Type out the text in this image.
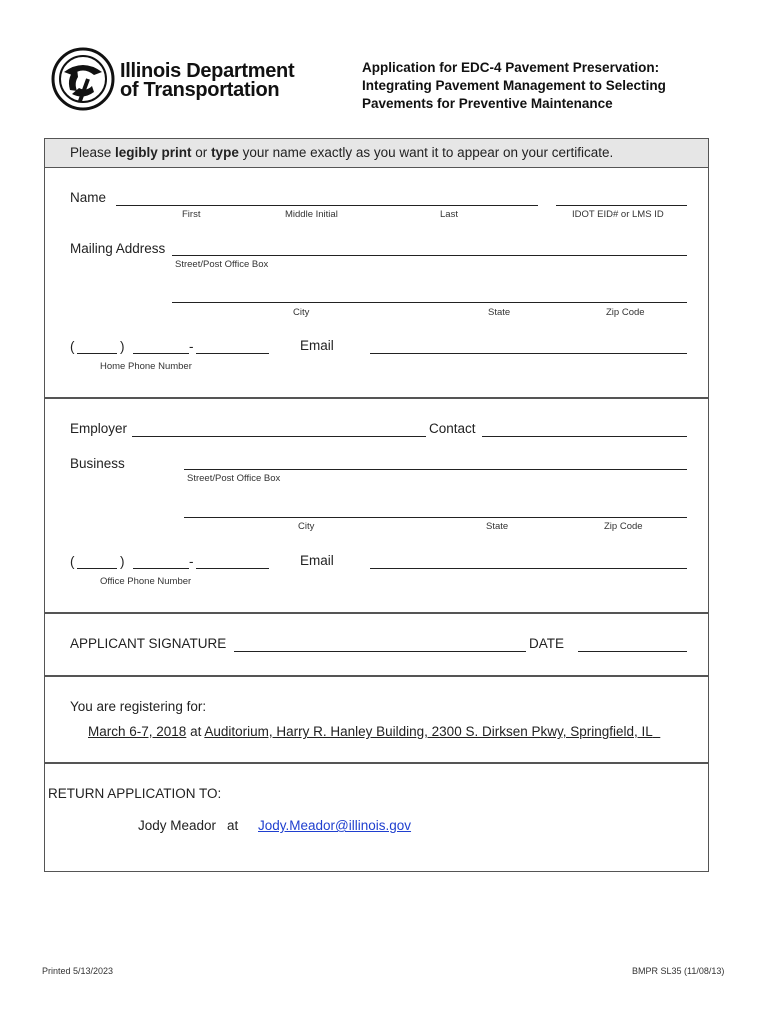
Illinois Department
of Transportation
Application for EDC-4 Pavement Preservation:
Integrating Pavement Management to Selecting
Pavements for Preventive Maintenance
Please legibly print or type your name exactly as you want it to appear on your certificate.
Name
First	Middle Initial	Last	IDOT EID# or LMS ID
Mailing Address
Street/Post Office Box
City	State	Zip Code
(	)	-	Email
Home Phone Number
Employer	Contact
Business
Street/Post Office Box
City	State	Zip Code
(	)	-	Email
Office Phone Number
APPLICANT SIGNATURE	DATE
You are registering for:
March 6-7, 2018 at Auditorium, Harry R. Hanley Building, 2300 S. Dirksen Pkwy, Springfield, IL
RETURN APPLICATION TO:
Jody Meador at Jody.Meador@illinois.gov
Printed 5/13/2023	BMPR SL35 (11/08/13)
